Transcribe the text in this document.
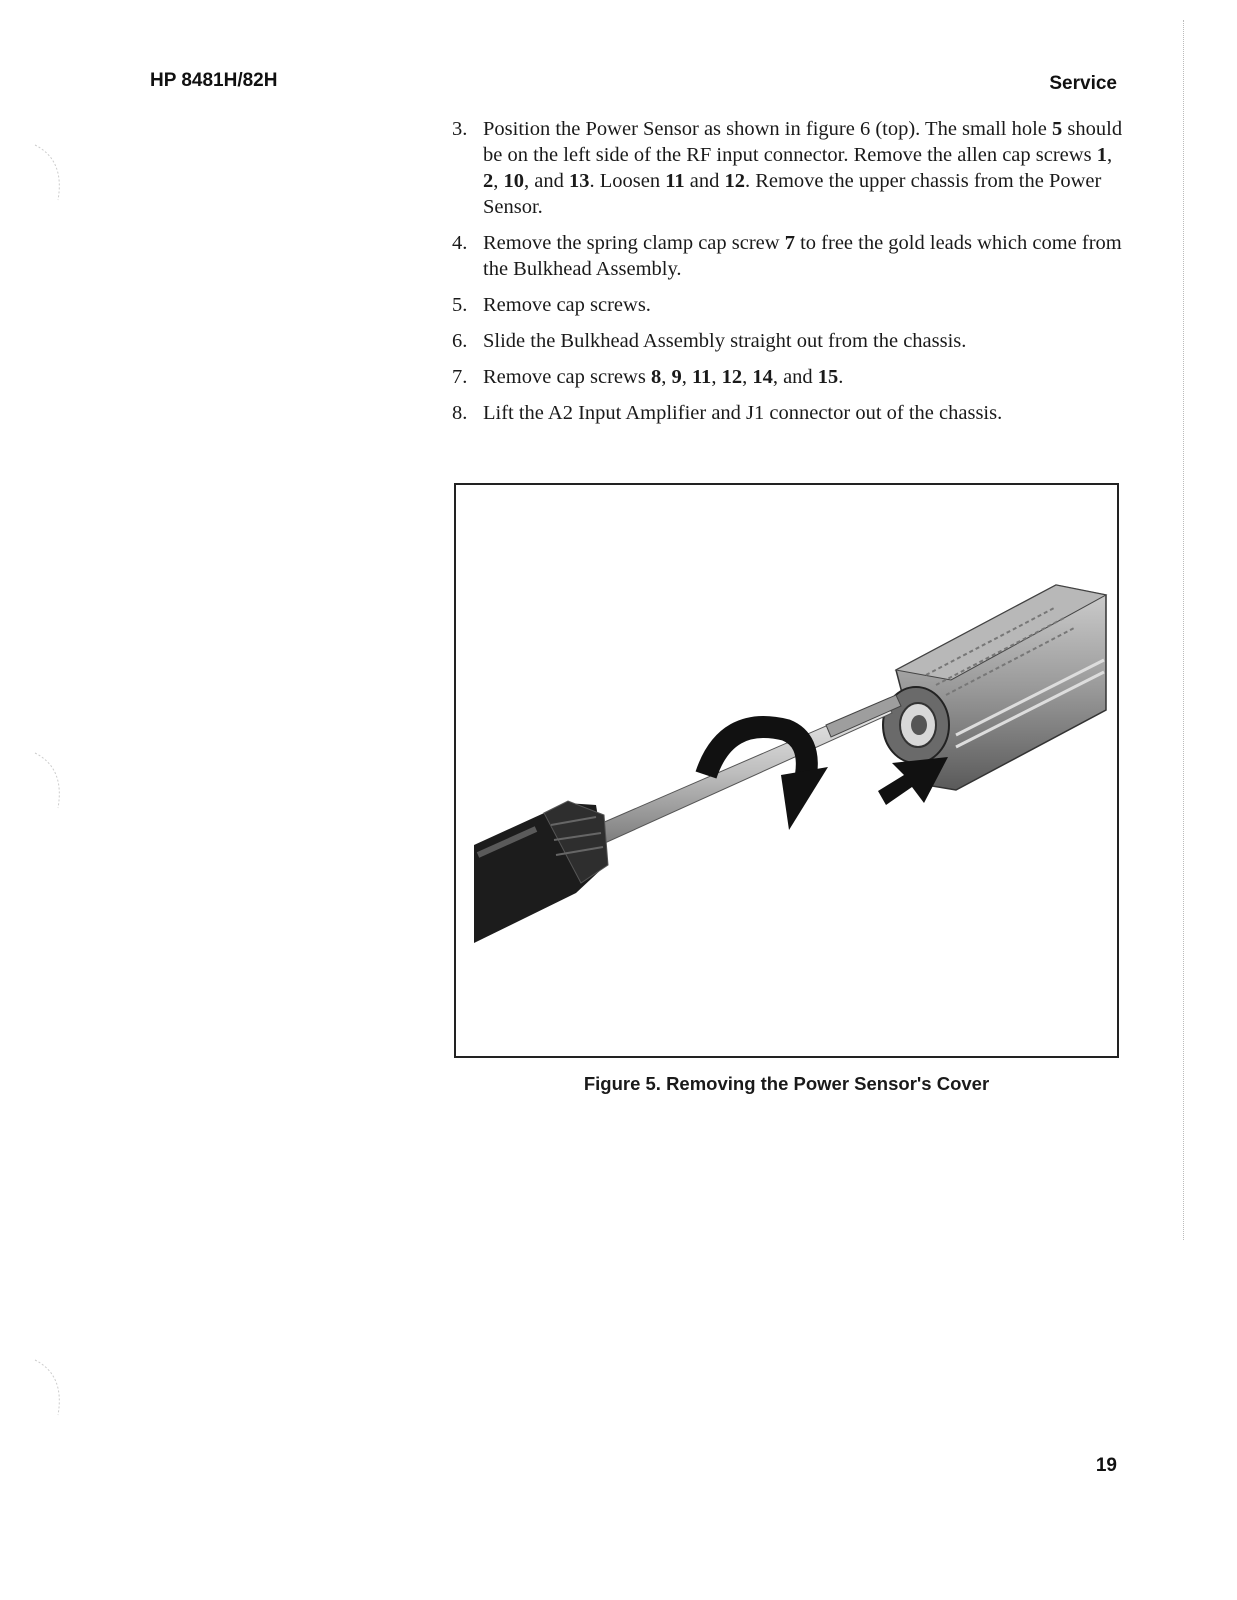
HP 8481H/82H	Service
3. Position the Power Sensor as shown in figure 6 (top). The small hole 5 should be on the left side of the RF input connector. Remove the allen cap screws 1, 2, 10, and 13. Loosen 11 and 12. Remove the upper chassis from the Power Sensor.
4. Remove the spring clamp cap screw 7 to free the gold leads which come from the Bulkhead Assembly.
5. Remove cap screws.
6. Slide the Bulkhead Assembly straight out from the chassis.
7. Remove cap screws 8, 9, 11, 12, 14, and 15.
8. Lift the A2 Input Amplifier and J1 connector out of the chassis.
Figure 5. Removing the Power Sensor's Cover
19
